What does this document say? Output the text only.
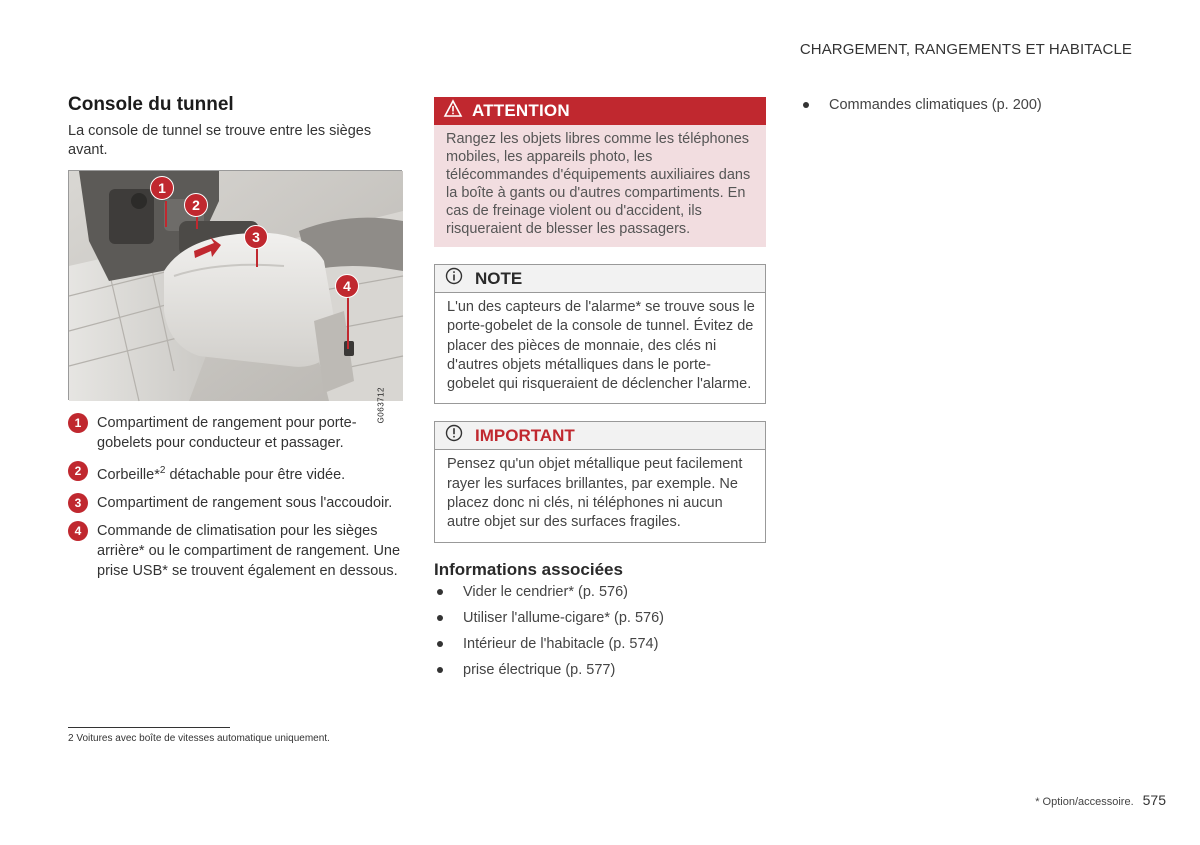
CHARGEMENT, RANGEMENTS ET HABITACLE
Console du tunnel

La console de tunnel se trouve entre les sièges avant.

1
2
3
4
G063712
1	Compartiment de rangement pour porte-gobelets pour conducteur et passager.
2	Corbeille*$^2$ détachable pour être vidée.
3	Compartiment de rangement sous l'accoudoir.
4	Commande de climatisation pour les sièges arrière* ou le compartiment de rangement. Une prise USB* se trouvent également en dessous.
ATTENTION
Rangez les objets libres comme les téléphones mobiles, les appareils photo, les télécommandes d'équipements auxiliaires dans la boîte à gants ou d'autres compartiments. En cas de freinage violent ou d'accident, ils risqueraient de blesser les passagers.
NOTE
L'un des capteurs de l'alarme* se trouve sous le porte-gobelet de la console de tunnel. Évitez de placer des pièces de monnaie, des clés ni d'autres objets métalliques dans le porte-gobelet qui risqueraient de déclencher l'alarme.
IMPORTANT
Pensez qu'un objet métallique peut facilement rayer les surfaces brillantes, par exemple. Ne placez donc ni clés, ni téléphones ni aucun autre objet sur des surfaces fragiles.
Informations associées
Vider le cendrier* (p. 576)
Utiliser l'allume-cigare* (p. 576)
Intérieur de l'habitacle (p. 574)
prise électrique (p. 577)
Commandes climatiques (p. 200)
2 Voitures avec boîte de vitesses automatique uniquement.
* Option/accessoire. 575
